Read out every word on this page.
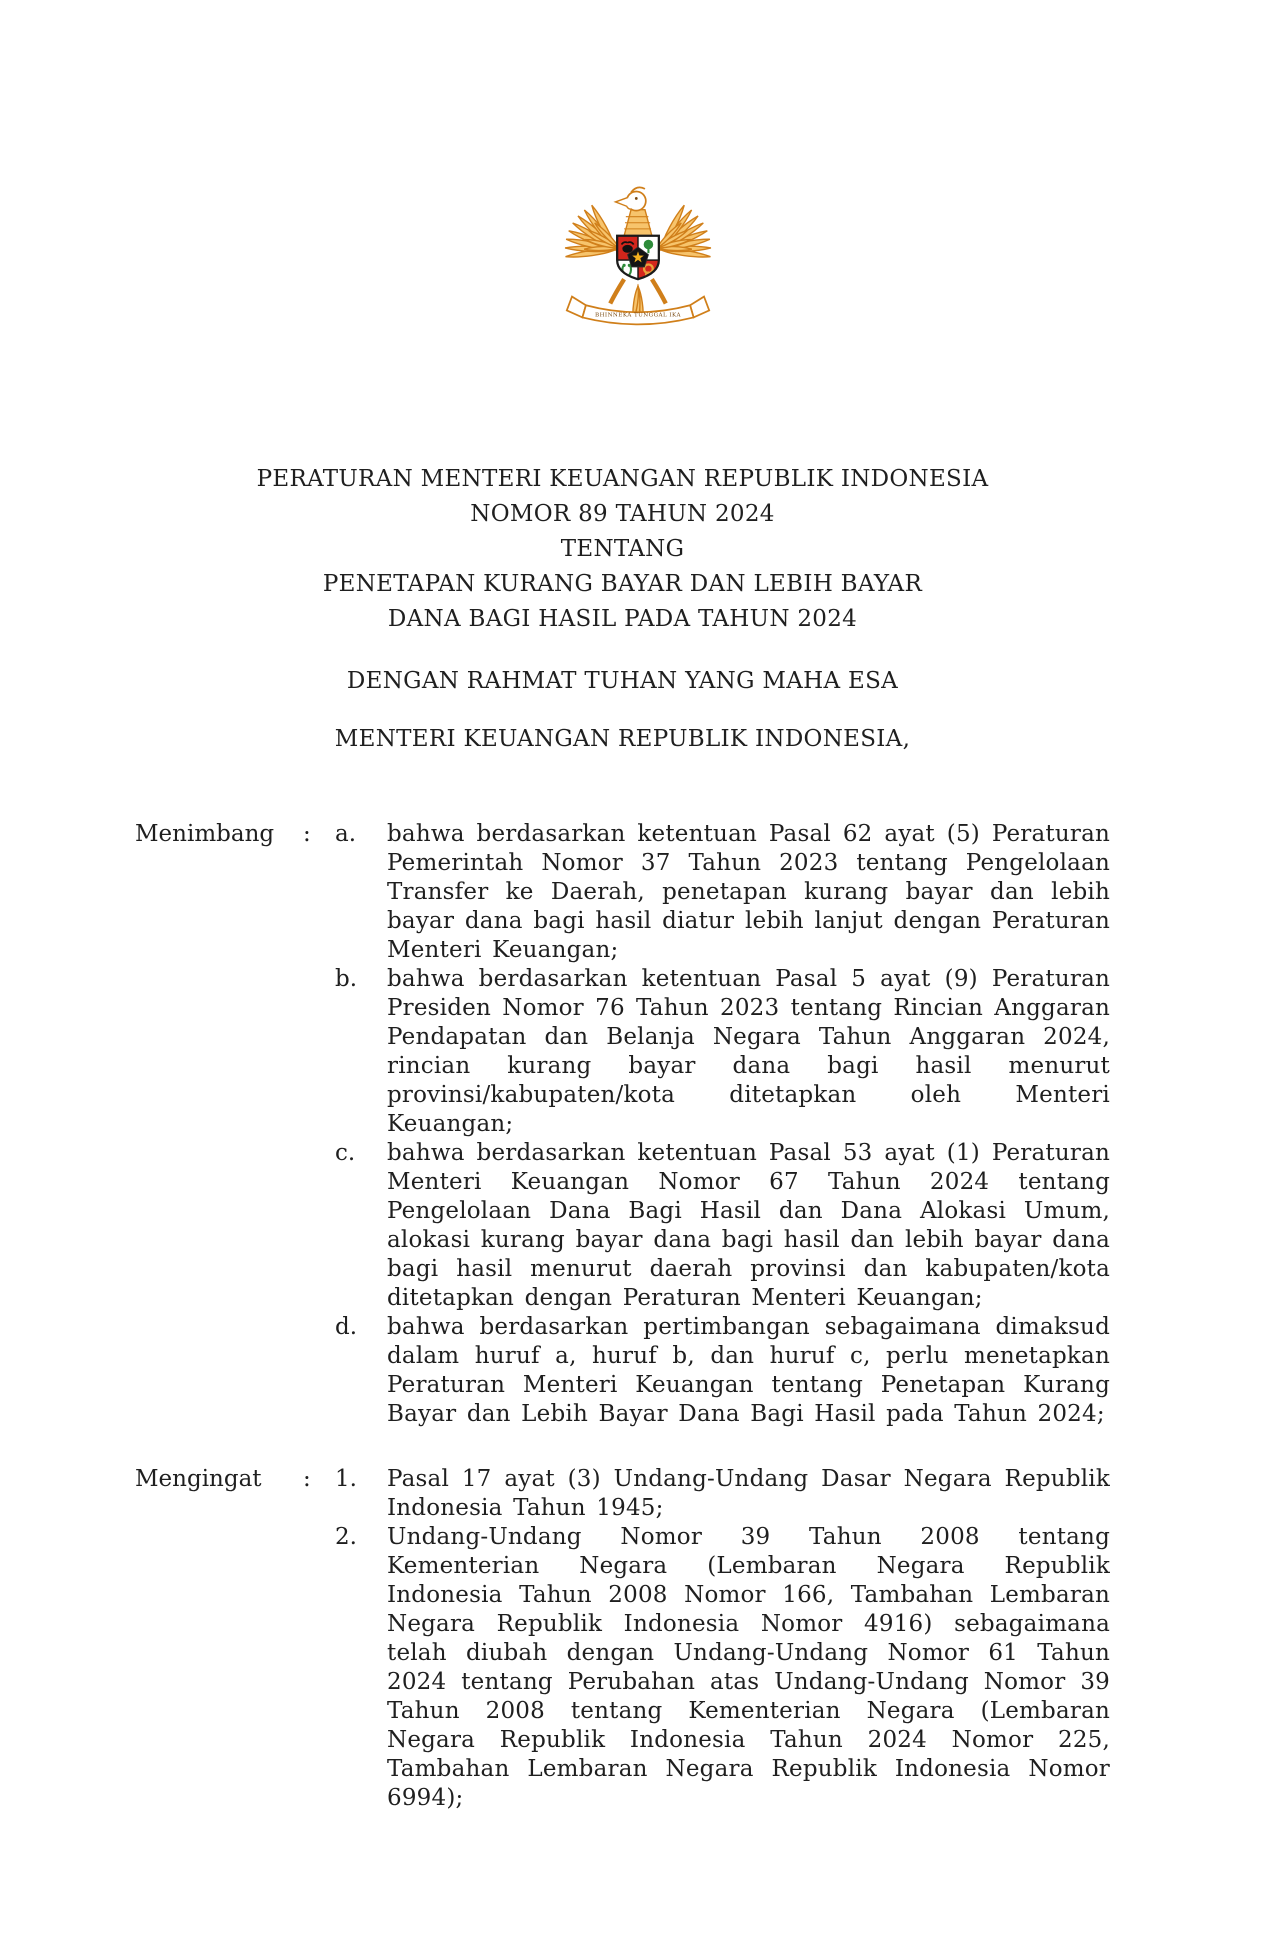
BHINNEKA TUNGGAL IKA
PERATURAN MENTERI KEUANGAN REPUBLIK INDONESIA
NOMOR 89 TAHUN 2024
TENTANG
PENETAPAN KURANG BAYAR DAN LEBIH BAYAR
DANA BAGI HASIL PADA TAHUN 2024
DENGAN RAHMAT TUHAN YANG MAHA ESA
MENTERI KEUANGAN REPUBLIK INDONESIA,
Menimbang	:	a.	bahwa berdasarkan ketentuan Pasal 62 ayat (5) Peraturan Pemerintah Nomor 37 Tahun 2023 tentang Pengelolaan Transfer ke Daerah, penetapan kurang bayar dan lebih bayar dana bagi hasil diatur lebih lanjut dengan Peraturan Menteri Keuangan;
b.	bahwa berdasarkan ketentuan Pasal 5 ayat (9) Peraturan Presiden Nomor 76 Tahun 2023 tentang Rincian Anggaran Pendapatan dan Belanja Negara Tahun Anggaran 2024, rincian kurang bayar dana bagi hasil menurut provinsi/kabupaten/kota ditetapkan oleh Menteri Keuangan;
c.	bahwa berdasarkan ketentuan Pasal 53 ayat (1) Peraturan Menteri Keuangan Nomor 67 Tahun 2024 tentang Pengelolaan Dana Bagi Hasil dan Dana Alokasi Umum, alokasi kurang bayar dana bagi hasil dan lebih bayar dana bagi hasil menurut daerah provinsi dan kabupaten/kota ditetapkan dengan Peraturan Menteri Keuangan;
d.	bahwa berdasarkan pertimbangan sebagaimana dimaksud dalam huruf a, huruf b, dan huruf c, perlu menetapkan Peraturan Menteri Keuangan tentang Penetapan Kurang Bayar dan Lebih Bayar Dana Bagi Hasil pada Tahun 2024;
Mengingat	:	1.	Pasal 17 ayat (3) Undang-Undang Dasar Negara Republik Indonesia Tahun 1945;
2.	Undang-Undang Nomor 39 Tahun 2008 tentang Kementerian Negara (Lembaran Negara Republik Indonesia Tahun 2008 Nomor 166, Tambahan Lembaran Negara Republik Indonesia Nomor 4916) sebagaimana telah diubah dengan Undang-Undang Nomor 61 Tahun 2024 tentang Perubahan atas Undang-Undang Nomor 39 Tahun 2008 tentang Kementerian Negara (Lembaran Negara Republik Indonesia Tahun 2024 Nomor 225, Tambahan Lembaran Negara Republik Indonesia Nomor 6994);
